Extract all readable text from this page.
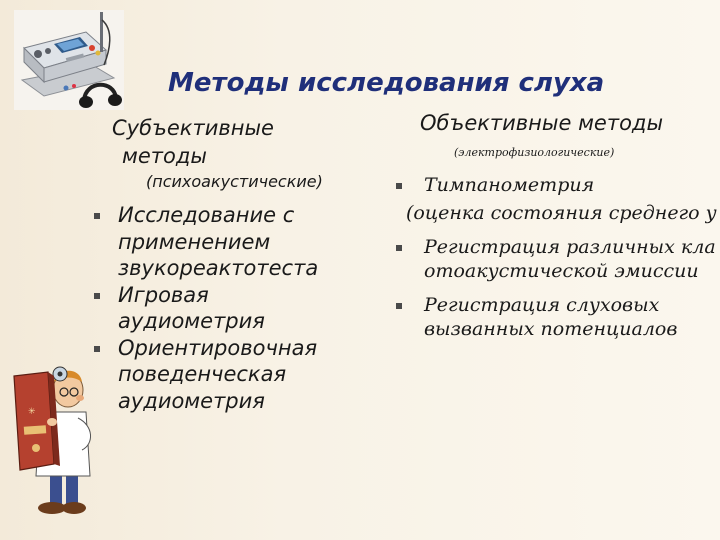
Методы исследования слуха
Субъективные
методы
(психоакустические)
Исследование с
применением
звукореактотеста
Игровая
аудиометрия
Ориентировочная
поведенческая
аудиометрия
Объективные методы
(электрофизиологические)
Тимпанометрия
(оценка состояния среднего у
Регистрация различных кла
отоакустической эмиссии
Регистрация слуховых
вызванных потенциалов
✳
